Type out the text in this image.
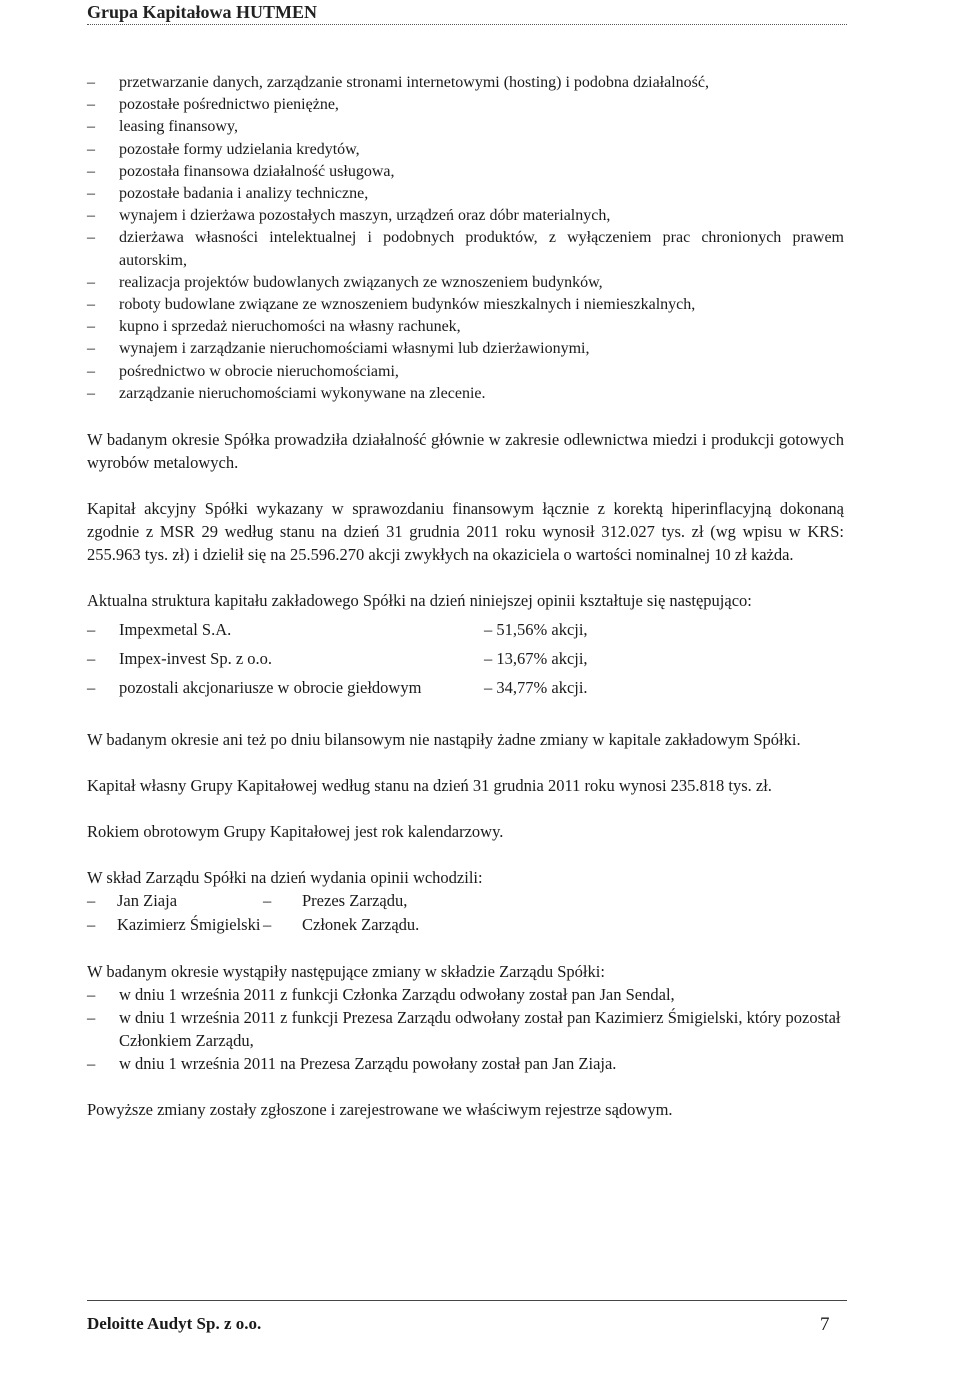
Grupa Kapitałowa HUTMEN
–	przetwarzanie danych, zarządzanie stronami internetowymi (hosting) i podobna działalność,
–	pozostałe pośrednictwo pieniężne,
–	leasing finansowy,
–	pozostałe formy udzielania kredytów,
–	pozostała finansowa działalność usługowa,
–	pozostałe badania i analizy techniczne,
–	wynajem i dzierżawa pozostałych maszyn, urządzeń oraz dóbr materialnych,
–	dzierżawa własności intelektualnej i podobnych produktów, z wyłączeniem prac chronionych prawem autorskim,
–	realizacja projektów budowlanych związanych ze wznoszeniem budynków,
–	roboty budowlane związane ze wznoszeniem budynków mieszkalnych i niemieszkalnych,
–	kupno i sprzedaż nieruchomości na własny rachunek,
–	wynajem i zarządzanie nieruchomościami własnymi lub dzierżawionymi,
–	pośrednictwo w obrocie nieruchomościami,
–	zarządzanie nieruchomościami wykonywane na zlecenie.

W badanym okresie Spółka prowadziła działalność głównie w zakresie odlewnictwa miedzi i produkcji gotowych wyrobów metalowych.

Kapitał akcyjny Spółki wykazany w sprawozdaniu finansowym łącznie z korektą hiperinflacyjną dokonaną zgodnie z MSR 29 według stanu na dzień 31 grudnia 2011 roku wynosił 312.027 tys. zł (wg wpisu w KRS: 255.963 tys. zł) i dzielił się na 25.596.270 akcji zwykłych na okaziciela o wartości nominalnej 10 zł każda.

Aktualna struktura kapitału zakładowego Spółki na dzień niniejszej opinii kształtuje się następująco:

– Impexmetal S.A.	– 51,56% akcji,
– Impex-invest Sp. z o.o.	– 13,67% akcji,
– pozostali akcjonariusze w obrocie giełdowym	– 34,77% akcji.

W badanym okresie ani też po dniu bilansowym nie nastąpiły żadne zmiany w kapitale zakładowym Spółki.

Kapitał własny Grupy Kapitałowej według stanu na dzień 31 grudnia 2011 roku wynosi 235.818 tys. zł.

Rokiem obrotowym Grupy Kapitałowej jest rok kalendarzowy.

W skład Zarządu Spółki na dzień wydania opinii wchodzili:

– Jan Ziaja	– Prezes Zarządu,
– Kazimierz Śmigielski – Członek Zarządu.

W badanym okresie wystąpiły następujące zmiany w składzie Zarządu Spółki:

–	w dniu 1 września 2011 z funkcji Członka Zarządu odwołany został pan Jan Sendal,
–	w dniu 1 września 2011 z funkcji Prezesa Zarządu odwołany został pan Kazimierz Śmigielski, który pozostał Członkiem Zarządu,
–	w dniu 1 września 2011 na Prezesa Zarządu powołany został pan Jan Ziaja.

Powyższe zmiany zostały zgłoszone i zarejestrowane we właściwym rejestrze sądowym.

Deloitte Audyt Sp. z o.o.	7
